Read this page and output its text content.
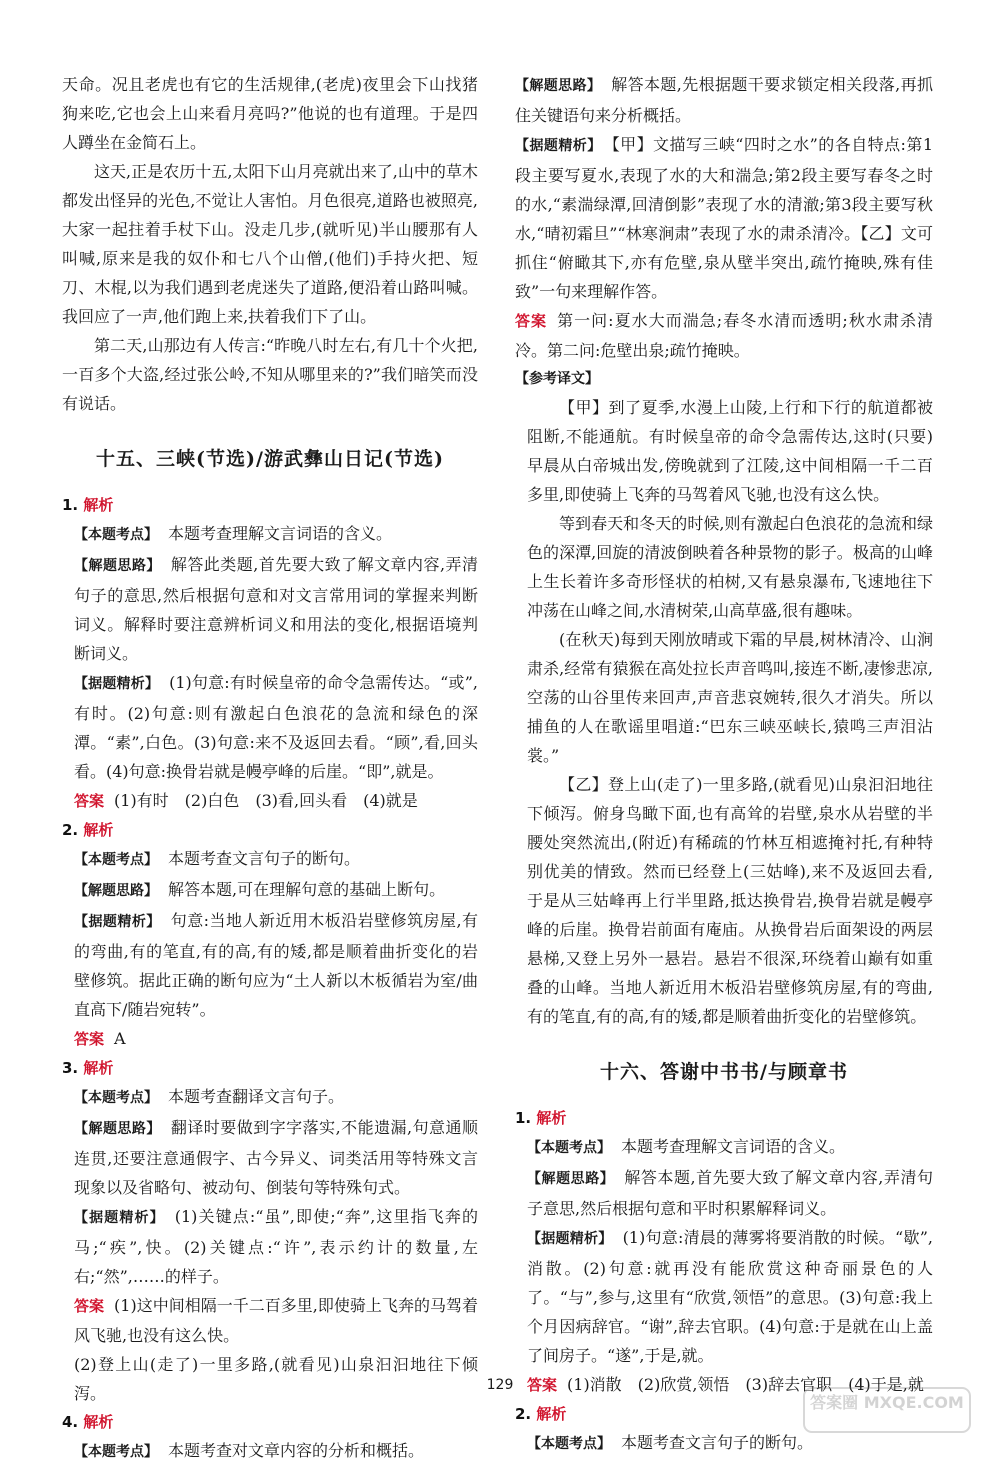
天命。况且老虎也有它的生活规律,(老虎)夜里会下山找猪狗来吃,它也会上山来看月亮吗?”他说的也有道理。于是四人蹲坐在金简石上。

这天,正是农历十五,太阳下山月亮就出来了,山中的草木都发出怪异的光色,不觉让人害怕。月色很亮,道路也被照亮,大家一起拄着手杖下山。没走几步,(就听见)半山腰那有人叫喊,原来是我的奴仆和七八个山僧,(他们)手持火把、短刀、木棍,以为我们遇到老虎迷失了道路,便沿着山路叫喊。我回应了一声,他们跑上来,扶着我们下了山。

第二天,山那边有人传言:“昨晚八时左右,有几十个火把,一百多个大盗,经过张公岭,不知从哪里来的?”我们暗笑而没有说话。

十五、三峡(节选)/游武彝山日记(节选)
1. 解析
【本题考点】 本题考查理解文言词语的含义。
【解题思路】 解答此类题,首先要大致了解文章内容,弄清句子的意思,然后根据句意和对文言常用词的掌握来判断词义。解释时要注意辨析词义和用法的变化,根据语境判断词义。
【据题精析】 (1)句意:有时候皇帝的命令急需传达。“或”,有时。(2)句意:则有激起白色浪花的急流和绿色的深潭。“素”,白色。(3)句意:来不及返回去看。“顾”,看,回头看。(4)句意:换骨岩就是幔亭峰的后崖。“即”,就是。
答案 (1)有时　(2)白色　(3)看,回头看　(4)就是
2. 解析
【本题考点】 本题考查文言句子的断句。
【解题思路】 解答本题,可在理解句意的基础上断句。
【据题精析】 句意:当地人新近用木板沿岩壁修筑房屋,有的弯曲,有的笔直,有的高,有的矮,都是顺着曲折变化的岩壁修筑。据此正确的断句应为“土人新以木板循岩为室/曲直高下/随岩宛转”。
答案 A
3. 解析
【本题考点】 本题考查翻译文言句子。
【解题思路】 翻译时要做到字字落实,不能遗漏,句意通顺连贯,还要注意通假字、古今异义、词类活用等特殊文言现象以及省略句、被动句、倒装句等特殊句式。
【据题精析】 (1)关键点:“虽”,即使;“奔”,这里指飞奔的马;“疾”,快。(2)关键点:“许”,表示约计的数量,左右;“然”,……的样子。
答案 (1)这中间相隔一千二百多里,即使骑上飞奔的马驾着风飞驰,也没有这么快。
(2)登上山(走了)一里多路,(就看见)山泉汩汩地往下倾泻。
4. 解析
【本题考点】 本题考查对文章内容的分析和概括。
【解题思路】 解答本题,先根据题干要求锁定相关段落,再抓住关键语句来分析概括。
【据题精析】 【甲】文描写三峡“四时之水”的各自特点:第1段主要写夏水,表现了水的大和湍急;第2段主要写春冬之时的水,“素湍绿潭,回清倒影”表现了水的清澈;第3段主要写秋水,“晴初霜旦”“林寒涧肃”表现了水的肃杀清冷。【乙】文可抓住“俯瞰其下,亦有危壁,泉从壁半突出,疏竹掩映,殊有佳致”一句来理解作答。
答案 第一问:夏水大而湍急;春冬水清而透明;秋水肃杀清冷。第二问:危壁出泉;疏竹掩映。
【参考译文】

【甲】到了夏季,水漫上山陵,上行和下行的航道都被阻断,不能通航。有时候皇帝的命令急需传达,这时(只要)早晨从白帝城出发,傍晚就到了江陵,这中间相隔一千二百多里,即使骑上飞奔的马驾着风飞驰,也没有这么快。

等到春天和冬天的时候,则有激起白色浪花的急流和绿色的深潭,回旋的清波倒映着各种景物的影子。极高的山峰上生长着许多奇形怪状的柏树,又有悬泉瀑布,飞速地往下冲荡在山峰之间,水清树荣,山高草盛,很有趣味。

(在秋天)每到天刚放晴或下霜的早晨,树林清冷、山涧肃杀,经常有猿猴在高处拉长声音鸣叫,接连不断,凄惨悲凉,空荡的山谷里传来回声,声音悲哀婉转,很久才消失。所以捕鱼的人在歌谣里唱道:“巴东三峡巫峡长,猿鸣三声泪沾裳。”

【乙】登上山(走了)一里多路,(就看见)山泉汩汩地往下倾泻。俯身鸟瞰下面,也有高耸的岩壁,泉水从岩壁的半腰处突然流出,(附近)有稀疏的竹林互相遮掩衬托,有种特别优美的情致。然而已经登上(三姑峰),来不及返回去看,于是从三姑峰再上行半里路,抵达换骨岩,换骨岩就是幔亭峰的后崖。换骨岩前面有庵庙。从换骨岩后面架设的两层悬梯,又登上另外一悬岩。悬岩不很深,环绕着山巅有如重叠的山峰。当地人新近用木板沿岩壁修筑房屋,有的弯曲,有的笔直,有的高,有的矮,都是顺着曲折变化的岩壁修筑。

十六、答谢中书书/与顾章书
1. 解析
【本题考点】 本题考查理解文言词语的含义。
【解题思路】 解答本题,首先要大致了解文章内容,弄清句子意思,然后根据句意和平时积累解释词义。
【据题精析】 (1)句意:清晨的薄雾将要消散的时候。“歇”,消散。(2)句意:就再没有能欣赏这种奇丽景色的人了。“与”,参与,这里有“欣赏,领悟”的意思。(3)句意:我上个月因病辞官。“谢”,辞去官职。(4)句意:于是就在山上盖了间房子。“遂”,于是,就。
答案 (1)消散　(2)欣赏,领悟　(3)辞去官职　(4)于是,就
2. 解析
【本题考点】 本题考查文言句子的断句。
129
答案圈 MXQE.COM
